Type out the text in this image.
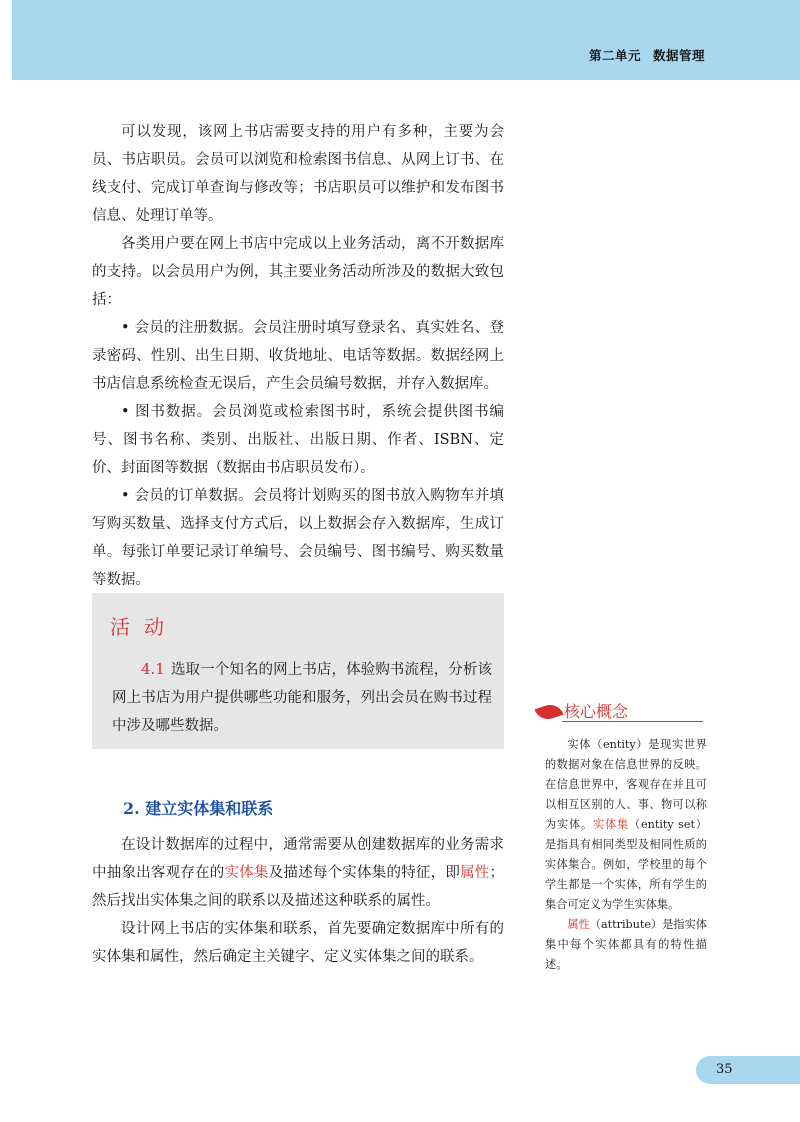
第二单元 数据管理

可以发现，该网上书店需要支持的用户有多种，主要为会员、书店职员。会员可以浏览和检索图书信息、从网上订书、在线支付、完成订单查询与修改等；书店职员可以维护和发布图书信息、处理订单等。

各类用户要在网上书店中完成以上业务活动，离不开数据库的支持。以会员用户为例，其主要业务活动所涉及的数据大致包括：

• 会员的注册数据。会员注册时填写登录名、真实姓名、登录密码、性别、出生日期、收货地址、电话等数据。数据经网上书店信息系统检查无误后，产生会员编号数据，并存入数据库。

• 图书数据。会员浏览或检索图书时，系统会提供图书编号、图书名称、类别、出版社、出版日期、作者、ISBN、定价、封面图等数据（数据由书店职员发布）。

• 会员的订单数据。会员将计划购买的图书放入购物车并填写购买数量、选择支付方式后，以上数据会存入数据库，生成订单。每张订单要记录订单编号、会员编号、图书编号、购买数量等数据。

活动

4.1 选取一个知名的网上书店，体验购书流程，分析该网上书店为用户提供哪些功能和服务，列出会员在购书过程中涉及哪些数据。

2. 建立实体集和联系

在设计数据库的过程中，通常需要从创建数据库的业务需求中抽象出客观存在的实体集及描述每个实体集的特征，即属性；然后找出实体集之间的联系以及描述这种联系的属性。

设计网上书店的实体集和联系，首先要确定数据库中所有的实体集和属性，然后确定主关键字、定义实体集之间的联系。

核心概念

实体（entity）是现实世界的数据对象在信息世界的反映。在信息世界中，客观存在并且可以相互区别的人、事、物可以称为实体。实体集（entity set）是指具有相同类型及相同性质的实体集合。例如，学校里的每个学生都是一个实体，所有学生的集合可定义为学生实体集。

属性（attribute）是指实体集中每个实体都具有的特性描述。

35
